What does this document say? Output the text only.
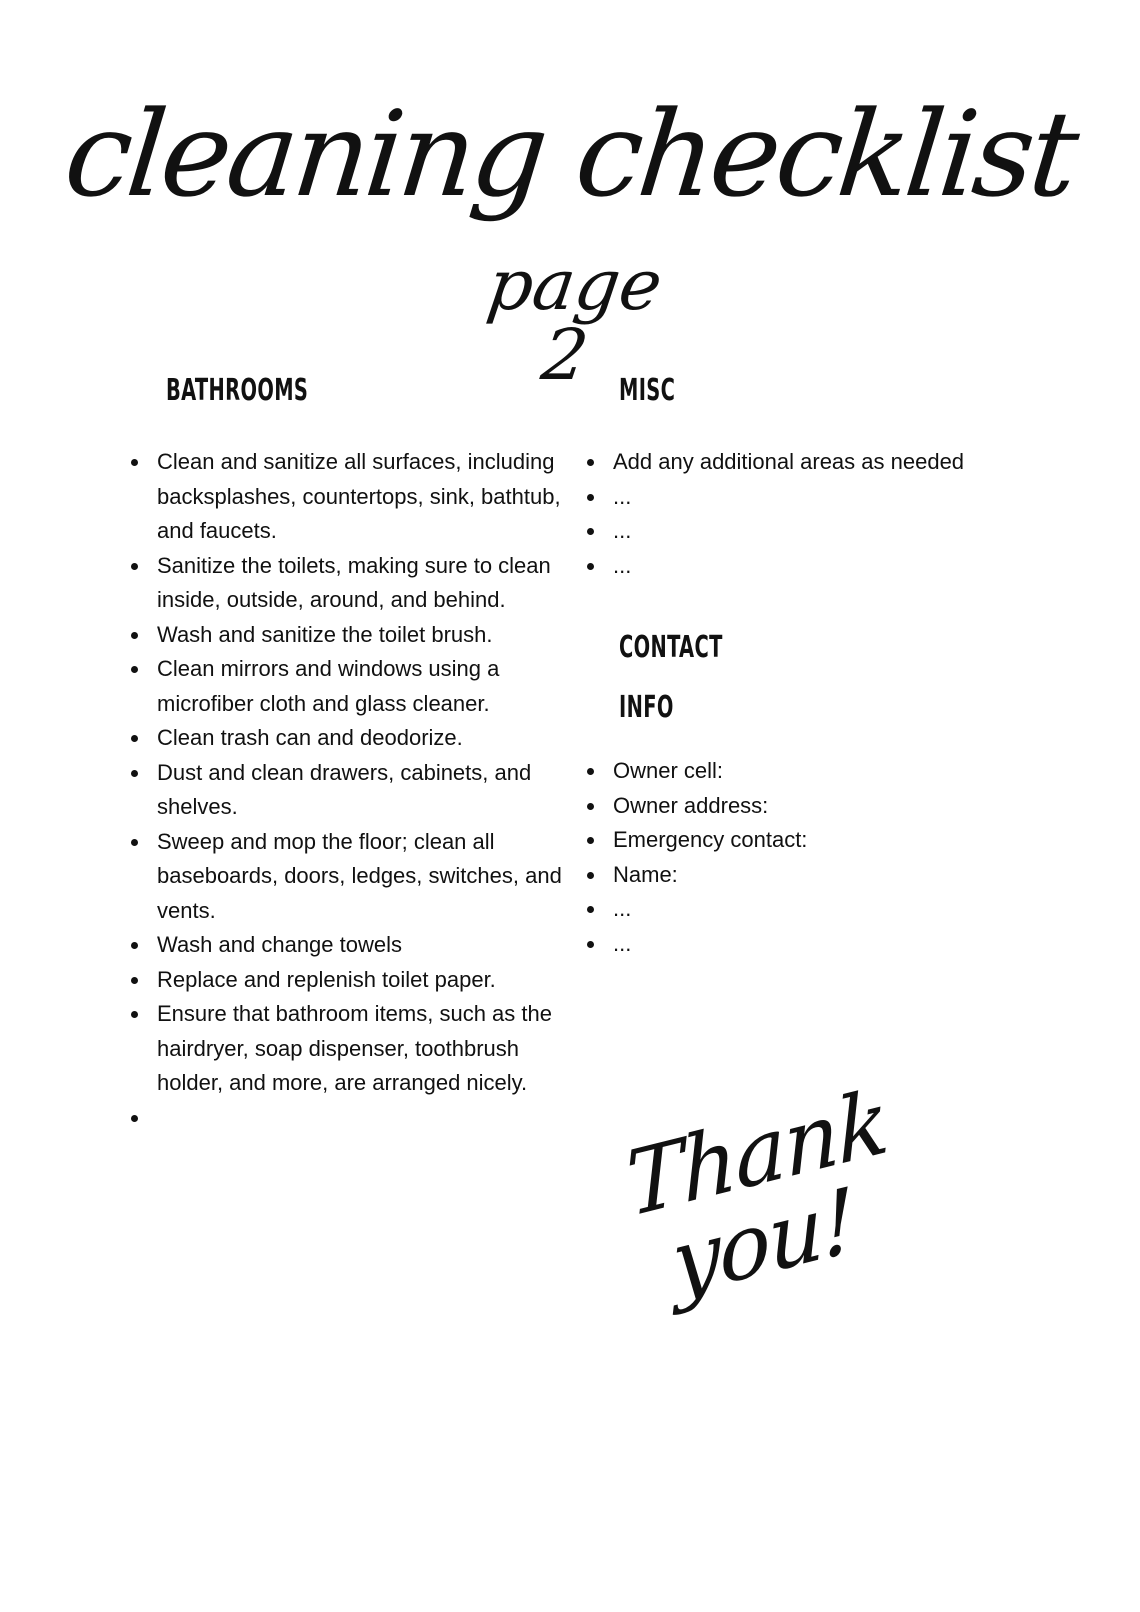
cleaning checklist
page 2
BATHROOMS	MISC
CONTACT
INFO
Clean and sanitize all surfaces, including backsplashes, countertops, sink, bathtub, and faucets.
Sanitize the toilets, making sure to clean inside, outside, around, and behind.
Wash and sanitize the toilet brush.
Clean mirrors and windows using a microfiber cloth and glass cleaner.
Clean trash can and deodorize.
Dust and clean drawers, cabinets, and shelves.
Sweep and mop the floor; clean all baseboards, doors, ledges, switches, and vents.
Wash and change towels
Replace and replenish toilet paper.
Ensure that bathroom items, such as the hairdryer, soap dispenser, toothbrush holder, and more, are arranged nicely.
Add any additional areas as needed
...
...
...
Owner cell:
Owner address:
Emergency contact:
Name:
...
...
Thank you!
